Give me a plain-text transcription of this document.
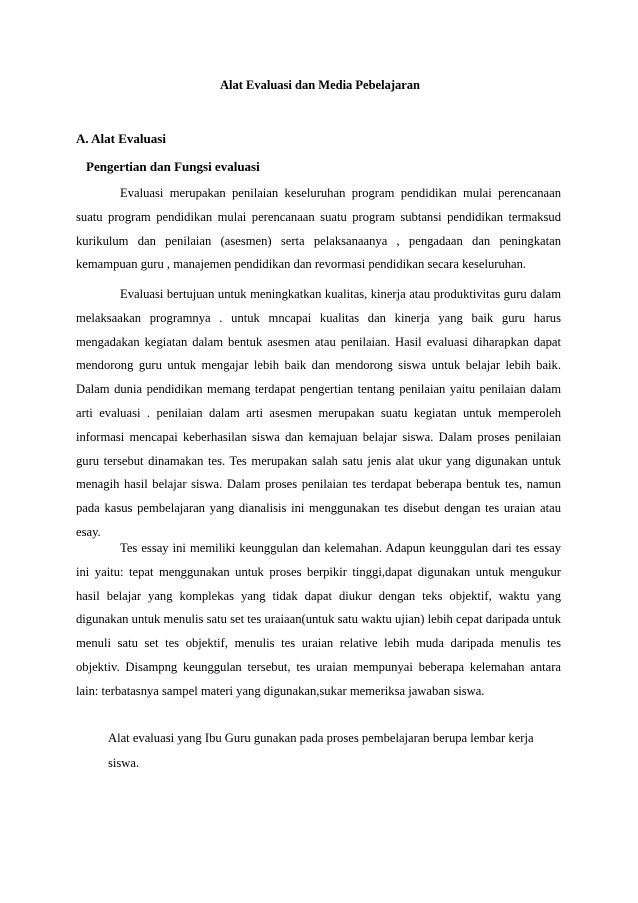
Alat Evaluasi dan Media Pebelajaran
A. Alat Evaluasi
Pengertian dan Fungsi evaluasi

Evaluasi merupakan penilaian keseluruhan program pendidikan mulai perencanaan suatu program pendidikan mulai perencanaan suatu program subtansi pendidikan termaksud kurikulum dan penilaian (asesmen) serta pelaksanaanya , pengadaan dan peningkatan kemampuan guru , manajemen pendidikan dan revormasi pendidikan secara keseluruhan.

Evaluasi bertujuan untuk meningkatkan kualitas, kinerja atau produktivitas guru dalam melaksaakan programnya . untuk mncapai kualitas dan kinerja yang baik guru harus mengadakan kegiatan dalam bentuk asesmen atau penilaian. Hasil evaluasi diharapkan dapat mendorong guru untuk mengajar lebih baik dan mendorong siswa untuk belajar lebih baik. Dalam dunia pendidikan memang terdapat pengertian tentang penilaian yaitu penilaian dalam arti evaluasi . penilaian dalam arti asesmen merupakan suatu kegiatan untuk memperoleh informasi mencapai keberhasilan siswa dan kemajuan belajar siswa. Dalam proses penilaian guru tersebut dinamakan tes. Tes merupakan salah satu jenis alat ukur yang digunakan untuk menagih hasil belajar siswa. Dalam proses penilaian tes terdapat beberapa bentuk tes, namun pada kasus pembelajaran yang dianalisis ini menggunakan tes disebut dengan tes uraian atau esay.

Tes essay ini memiliki keunggulan dan kelemahan. Adapun keunggulan dari tes essay ini yaitu: tepat menggunakan untuk proses berpikir tinggi,dapat digunakan untuk mengukur hasil belajar yang komplekas yang tidak dapat diukur dengan teks objektif, waktu yang digunakan untuk menulis satu set tes uraiaan(untuk satu waktu ujian) lebih cepat daripada untuk menuli satu set tes objektif, menulis tes uraian relative lebih muda daripada menulis tes objektiv. Disampng keunggulan tersebut, tes uraian mempunyai beberapa kelemahan antara lain: terbatasnya sampel materi yang digunakan,sukar memeriksa jawaban siswa.

Alat evaluasi yang Ibu Guru gunakan pada proses pembelajaran berupa lembar kerja siswa.
